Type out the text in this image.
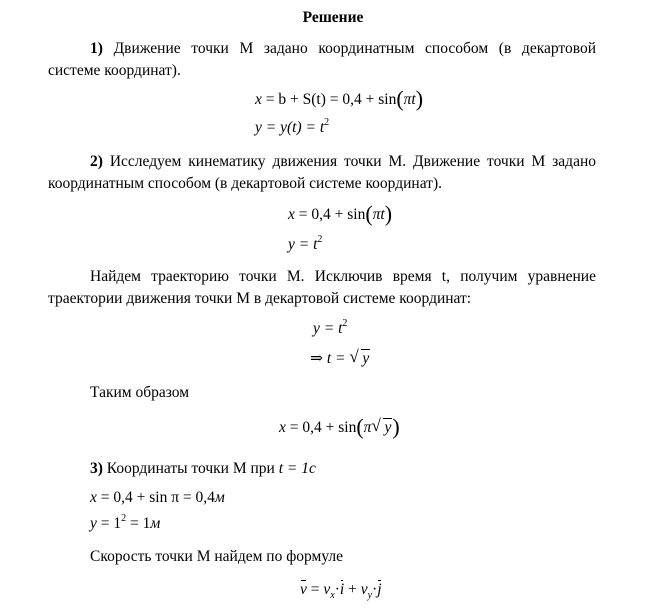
Решение
1) Движение точки M задано координатным способом (в декартовой системе координат).
x = b + S(t) = 0,4 + sin(πt)
$y = y(t) = t^2$
2) Исследуем кинематику движения точки M. Движение точки M задано координатным способом (в декартовой системе координат).
x = 0,4 + sin(πt)
$y = t^2$
Найдем траекторию точки M. Исключив время t, получим уравнение траектории движения точки M в декартовой системе координат:
$y = t^2$
⇒ t = √ y
Таким образом
x = 0,4 + sin(π √ y)
3) Координаты точки M при t = 1c
x = 0,4 + sin π = 0,4м
$y = 1^2 = 1м$
Скорость точки M найдем по формуле
$v = v_x\cdot i + v_y\cdot j$
